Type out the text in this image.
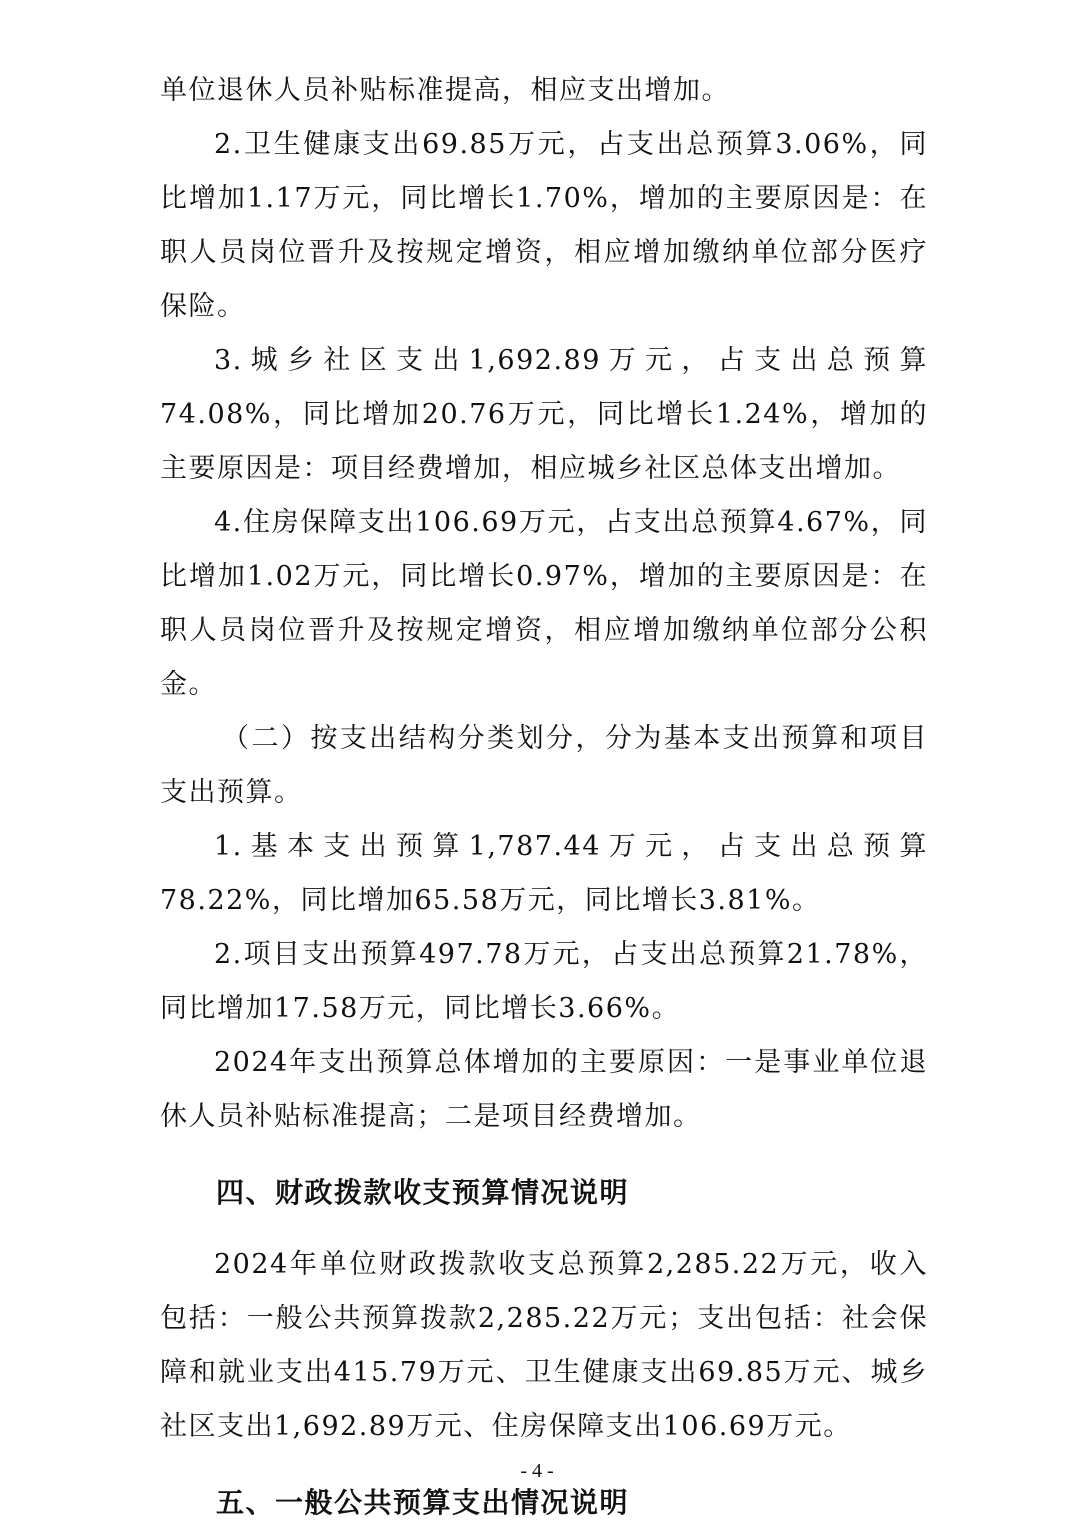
单位退休人员补贴标准提高，相应支出增加。

2.卫生健康支出69.85万元，占支出总预算3.06%，同比增加1.17万元，同比增长1.70%，增加的主要原因是：在职人员岗位晋升及按规定增资，相应增加缴纳单位部分医疗保险。

3.城乡社区支出1,692.89万元，占支出总预算74.08%，同比增加20.76万元，同比增长1.24%，增加的主要原因是：项目经费增加，相应城乡社区总体支出增加。

4.住房保障支出106.69万元，占支出总预算4.67%，同比增加1.02万元，同比增长0.97%，增加的主要原因是：在职人员岗位晋升及按规定增资，相应增加缴纳单位部分公积金。

（二）按支出结构分类划分，分为基本支出预算和项目支出预算。

1.基本支出预算1,787.44万元，占支出总预算78.22%，同比增加65.58万元，同比增长3.81%。

2.项目支出预算497.78万元，占支出总预算21.78%，同比增加17.58万元，同比增长3.66%。

2024年支出预算总体增加的主要原因：一是事业单位退休人员补贴标准提高；二是项目经费增加。

四、财政拨款收支预算情况说明

2024年单位财政拨款收支总预算2,285.22万元，收入包括：一般公共预算拨款2,285.22万元；支出包括：社会保障和就业支出415.79万元、卫生健康支出69.85万元、城乡社区支出1,692.89万元、住房保障支出106.69万元。

五、一般公共预算支出情况说明
- 4 -
